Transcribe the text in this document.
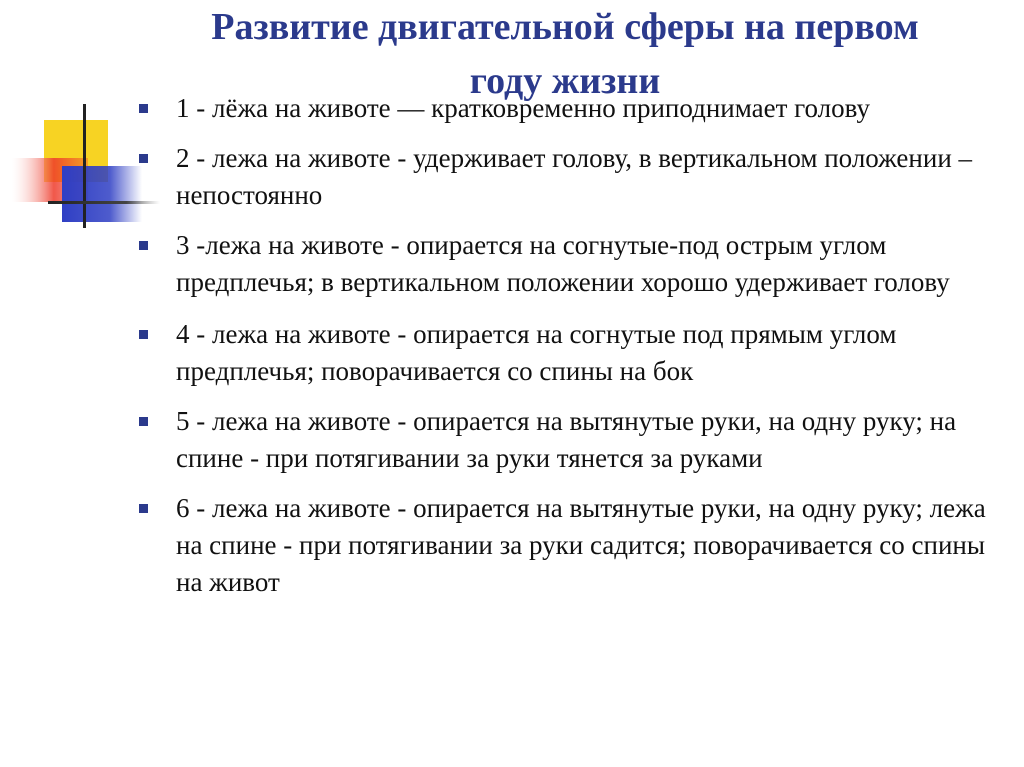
Развитие двигательной сферы на первом
году жизни
1 - лёжа на животе — кратковременно приподнимает голову
2 - лежа на животе - удерживает голову, в вертикальном положении – непостоянно
3 -лежа на животе - опирается на согнутые-под острым углом предплечья; в вертикальном положении хорошо удерживает голову
4 - лежа на животе - опирается на согнутые под прямым углом предплечья; поворачивается со спины на бок
5 - лежа на животе - опирается на вытянутые руки, на одну руку; на спине - при потягивании за руки тянется за руками
6 - лежа на животе - опирается на вытянутые руки, на одну руку; лежа на спине - при потягивании за руки садится; поворачивается со спины на живот
